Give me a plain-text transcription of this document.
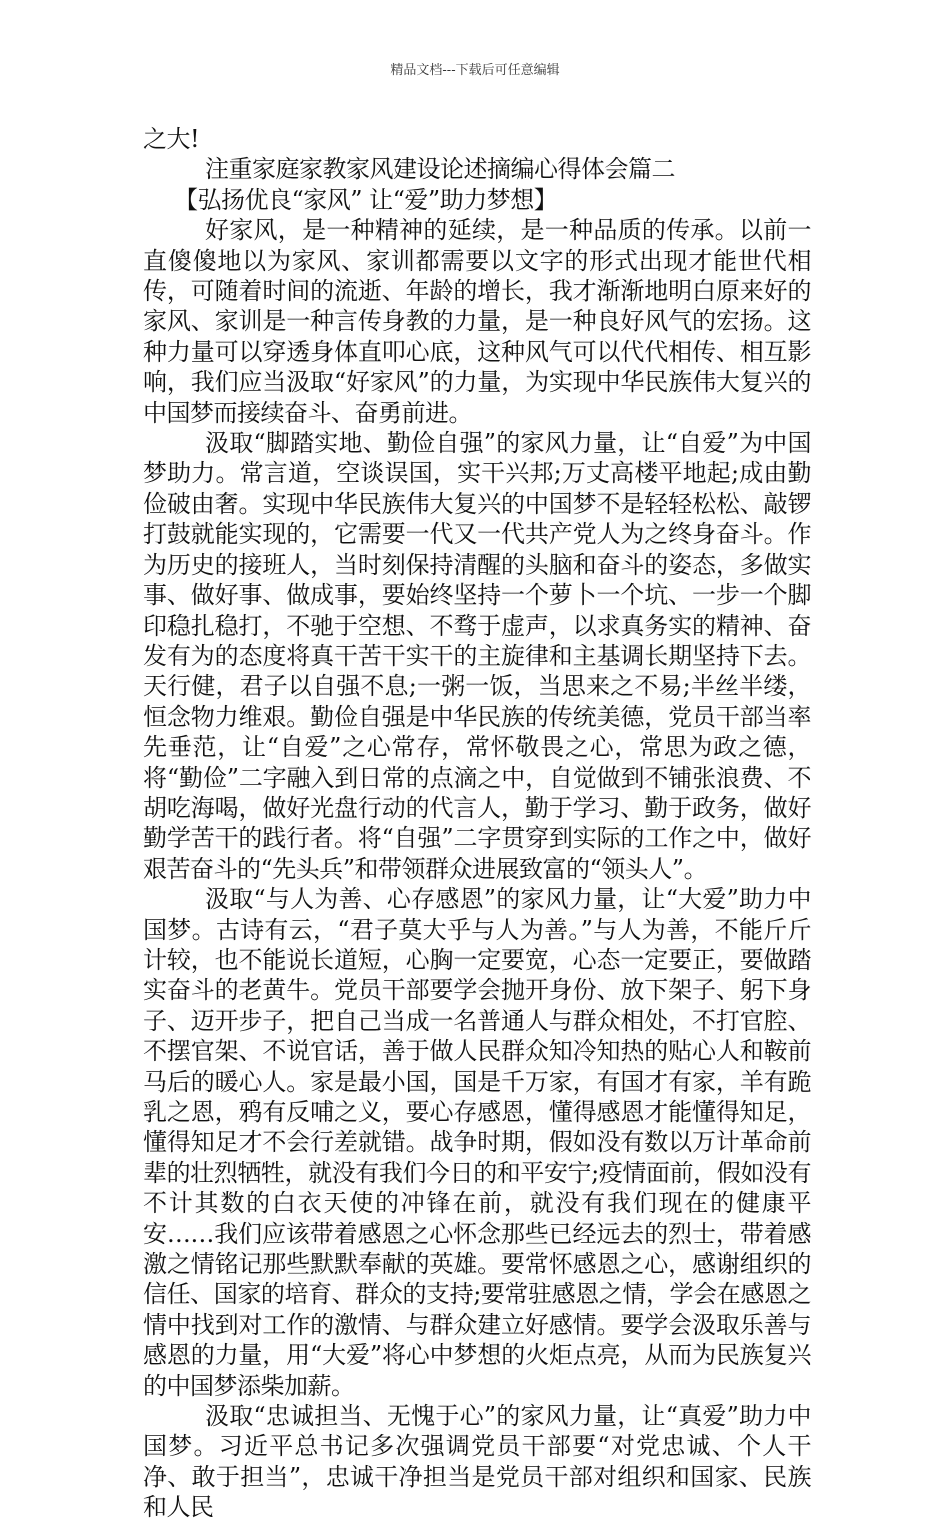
精品文档---下载后可任意编辑

之大!

注重家庭家教家风建设论述摘编心得体会篇二

【弘扬优良“家风” 让“爱”助力梦想】

好家风，是一种精神的延续，是一种品质的传承。以前一直傻傻地以为家风、家训都需要以文字的形式出现才能世代相传，可随着时间的流逝、年龄的增长，我才渐渐地明白原来好的家风、家训是一种言传身教的力量，是一种良好风气的宏扬。这种力量可以穿透身体直叩心底，这种风气可以代代相传、相互影响，我们应当汲取“好家风”的力量，为实现中华民族伟大复兴的中国梦而接续奋斗、奋勇前进。

汲取“脚踏实地、勤俭自强”的家风力量，让“自爱”为中国梦助力。常言道，空谈误国，实干兴邦;万丈高楼平地起;成由勤俭破由奢。实现中华民族伟大复兴的中国梦不是轻轻松松、敲锣打鼓就能实现的，它需要一代又一代共产党人为之终身奋斗。作为历史的接班人，当时刻保持清醒的头脑和奋斗的姿态，多做实事、做好事、做成事，要始终坚持一个萝卜一个坑、一步一个脚印稳扎稳打，不驰于空想、不骛于虚声，以求真务实的精神、奋发有为的态度将真干苦干实干的主旋律和主基调长期坚持下去。天行健，君子以自强不息;一粥一饭，当思来之不易;半丝半缕，恒念物力维艰。勤俭自强是中华民族的传统美德，党员干部当率先垂范，让“自爱”之心常存，常怀敬畏之心，常思为政之德，将“勤俭”二字融入到日常的点滴之中，自觉做到不铺张浪费、不胡吃海喝，做好光盘行动的代言人，勤于学习、勤于政务，做好勤学苦干的践行者。将“自强”二字贯穿到实际的工作之中，做好艰苦奋斗的“先头兵”和带领群众进展致富的“领头人”。

汲取“与人为善、心存感恩”的家风力量，让“大爱”助力中国梦。古诗有云，“君子莫大乎与人为善。”与人为善，不能斤斤计较，也不能说长道短，心胸一定要宽，心态一定要正，要做踏实奋斗的老黄牛。党员干部要学会抛开身份、放下架子、躬下身子、迈开步子，把自己当成一名普通人与群众相处，不打官腔、不摆官架、不说官话，善于做人民群众知冷知热的贴心人和鞍前马后的暖心人。家是最小国，国是千万家，有国才有家，羊有跪乳之恩，鸦有反哺之义，要心存感恩，懂得感恩才能懂得知足，懂得知足才不会行差就错。战争时期，假如没有数以万计革命前辈的壮烈牺牲，就没有我们今日的和平安宁;疫情面前，假如没有不计其数的白衣天使的冲锋在前，就没有我们现在的健康平安……我们应该带着感恩之心怀念那些已经远去的烈士，带着感激之情铭记那些默默奉献的英雄。要常怀感恩之心，感谢组织的信任、国家的培育、群众的支持;要常驻感恩之情，学会在感恩之情中找到对工作的激情、与群众建立好感情。要学会汲取乐善与感恩的力量，用“大爱”将心中梦想的火炬点亮，从而为民族复兴的中国梦添柴加薪。

汲取“忠诚担当、无愧于心”的家风力量，让“真爱”助力中国梦。习近平总书记多次强调党员干部要“对党忠诚、个人干净、敢于担当”，忠诚干净担当是党员干部对组织和国家、民族和人民
